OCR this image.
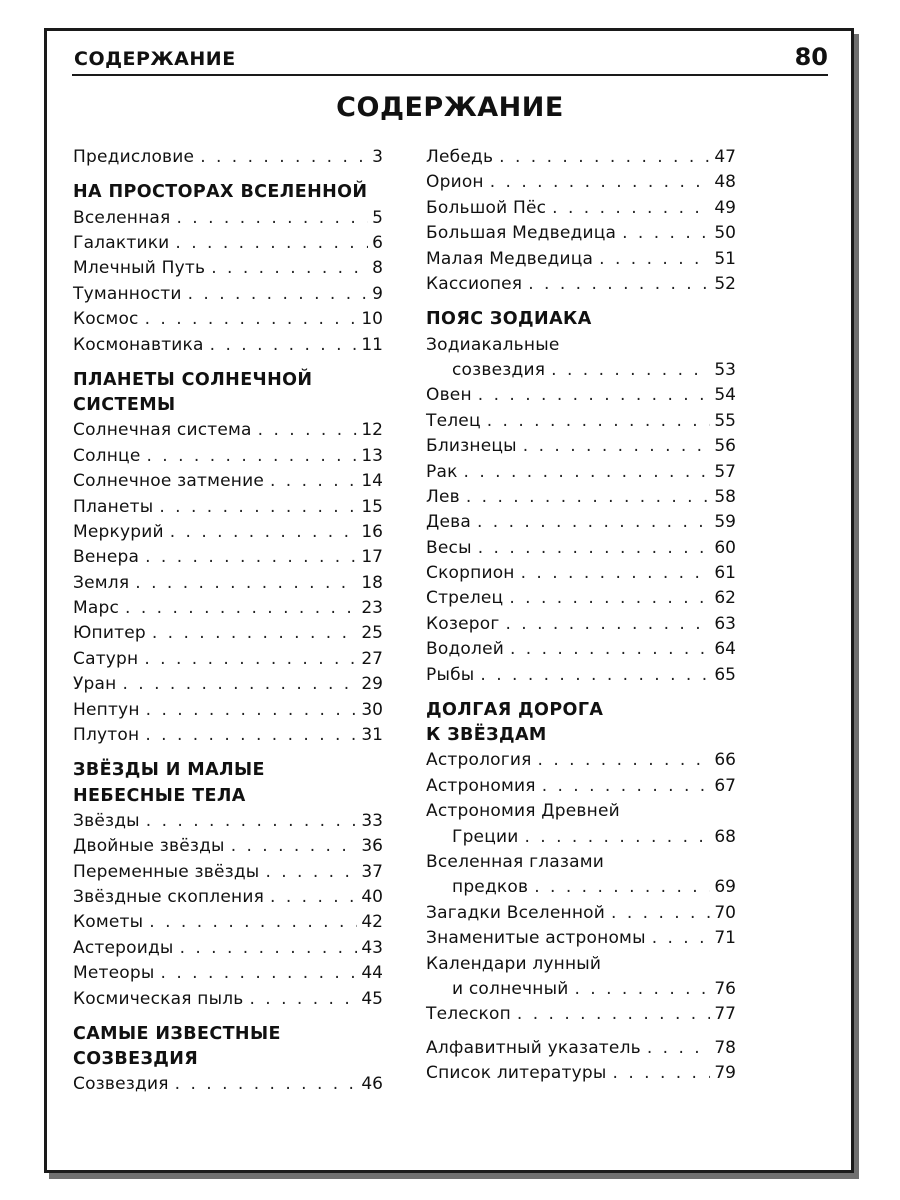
СОДЕРЖАНИЕ	80
СОДЕРЖАНИЕ
Предисловие . . .	3
НА ПРОСТОРАХ ВСЕЛЕННОЙ
Вселенная . . .	5
Галактики . . .	6
Млечный Путь . . .	8
Туманности . . .	9
Космос . . .	10
Космонавтика . . .	11
ПЛАНЕТЫ СОЛНЕЧНОЙ
СИСТЕМЫ
Солнечная система . . .	12
Солнце . . .	13
Солнечное затмение . . .	14
Планеты . . .	15
Меркурий . . .	16
Венера . . .	17
Земля . . .	18
Марс . . .	23
Юпитер . . .	25
Сатурн . . .	27
Уран . . .	29
Нептун . . .	30
Плутон . . .	31
ЗВЁЗДЫ И МАЛЫЕ
НЕБЕСНЫЕ ТЕЛА
Звёзды . . .	33
Двойные звёзды . . .	36
Переменные звёзды . . .	37
Звёздные скопления . . .	40
Кометы . . .	42
Астероиды . . .	43
Метеоры . . .	44
Космическая пыль . . .	45
САМЫЕ ИЗВЕСТНЫЕ
СОЗВЕЗДИЯ
Созвездия . . .	46
Лебедь . . .	47
Орион . . .	48
Большой Пёс . . .	49
Большая Медведица . . .	50
Малая Медведица . . .	51
Кассиопея . . .	52
ПОЯС ЗОДИАКА
Зодиакальные
созвездия . . .	53
Овен . . .	54
Телец . . .	55
Близнецы . . .	56
Рак . . .	57
Лев . . .	58
Дева . . .	59
Весы . . .	60
Скорпион . . .	61
Стрелец . . .	62
Козерог . . .	63
Водолей . . .	64
Рыбы . . .	65
ДОЛГАЯ ДОРОГА
К ЗВЁЗДАМ
Астрология . . .	66
Астрономия . . .	67
Астрономия Древней
Греции . . .	68
Вселенная глазами
предков . . .	69
Загадки Вселенной . . .	70
Знаменитые астрономы . . .	71
Календари лунный
и солнечный . . .	76
Телескоп . . .	77
Алфавитный указатель . . .	78
Список литературы . . .	79
